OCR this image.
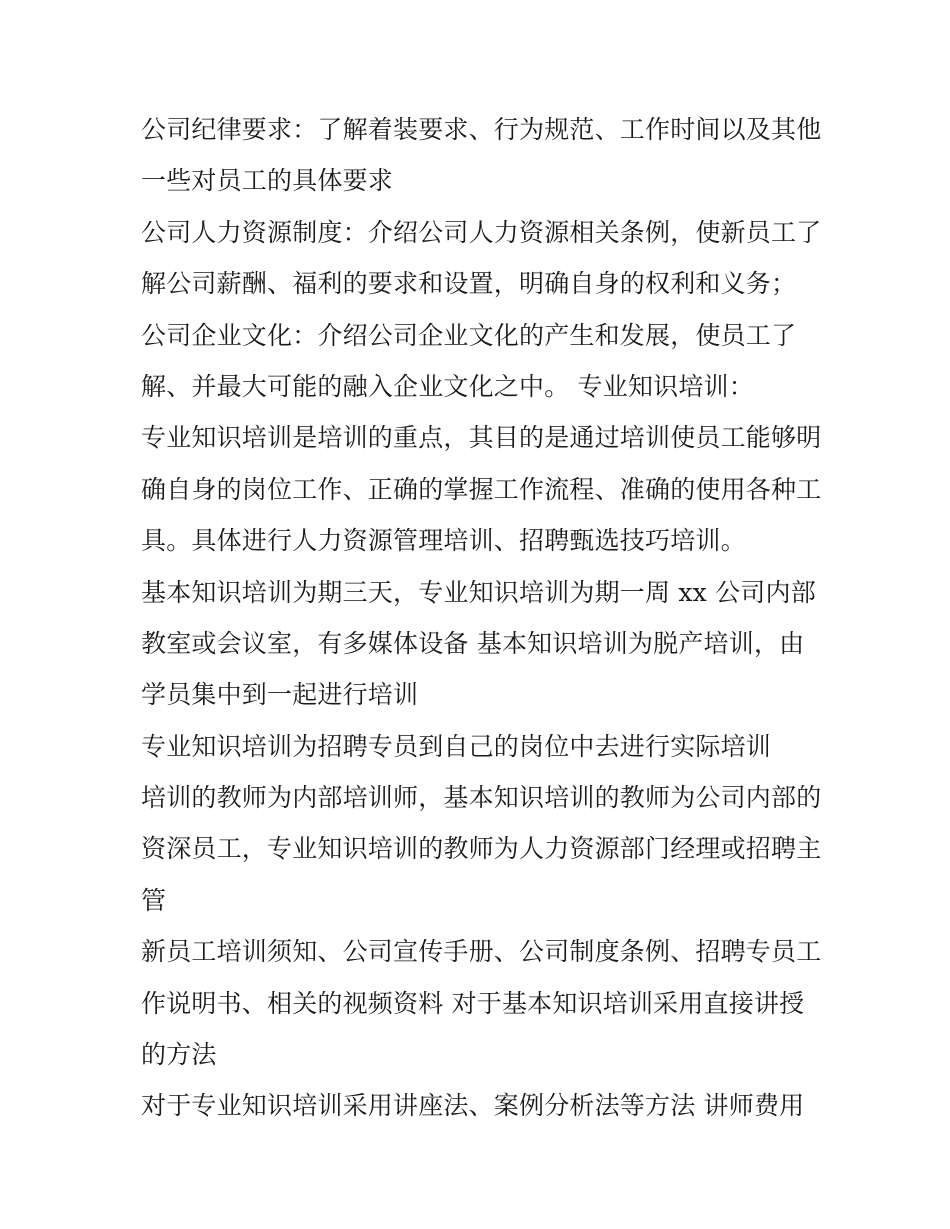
公司纪律要求：了解着装要求、行为规范、工作时间以及其他
一些对员工的具体要求
公司人力资源制度：介绍公司人力资源相关条例，使新员工了
解公司薪酬、福利的要求和设置，明确自身的权利和义务；
公司企业文化：介绍公司企业文化的产生和发展，使员工了
解、并最大可能的融入企业文化之中。 专业知识培训：
专业知识培训是培训的重点，其目的是通过培训使员工能够明
确自身的岗位工作、正确的掌握工作流程、准确的使用各种工
具。具体进行人力资源管理培训、招聘甄选技巧培训。
基本知识培训为期三天，专业知识培训为期一周 xx 公司内部
教室或会议室，有多媒体设备 基本知识培训为脱产培训，由
学员集中到一起进行培训
专业知识培训为招聘专员到自己的岗位中去进行实际培训
培训的教师为内部培训师，基本知识培训的教师为公司内部的
资深员工，专业知识培训的教师为人力资源部门经理或招聘主
管
新员工培训须知、公司宣传手册、公司制度条例、招聘专员工
作说明书、相关的视频资料 对于基本知识培训采用直接讲授
的方法
对于专业知识培训采用讲座法、案例分析法等方法 讲师费用
